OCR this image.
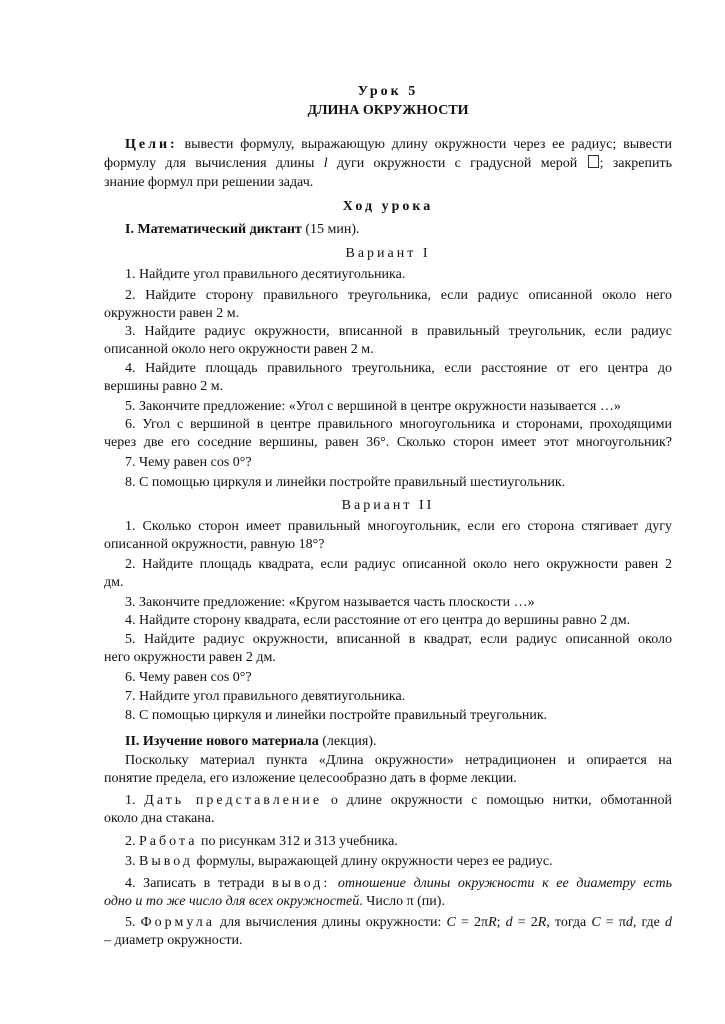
Урок 5

ДЛИНА ОКРУЖНОСТИ

Цели: вывести формулу, выражающую длину окружности через ее радиус; вывести

формулу для вычисления длины l дуги окружности с градусной мерой ; закрепить

знание формул при решении задач.

Ход урока

I. Математический диктант (15 мин).

Вариант I

1. Найдите угол правильного десятиугольника.

2. Найдите сторону правильного треугольника, если радиус описанной около него

окружности равен 2 м.

3. Найдите радиус окружности, вписанной в правильный треугольник, если радиус

описанной около него окружности равен 2 м.

4. Найдите площадь правильного треугольника, если расстояние от его центра до

вершины равно 2 м.

5. Закончите предложение: «Угол с вершиной в центре окружности называется …»

6. Угол с вершиной в центре правильного многоугольника и сторонами, проходящими

через две его соседние вершины, равен 36°. Сколько сторон имеет этот многоугольник?

7. Чему равен cos 0°?

8. С помощью циркуля и линейки постройте правильный шестиугольник.

Вариант II

1. Сколько сторон имеет правильный многоугольник, если его сторона стягивает дугу

описанной окружности, равную 18°?

2. Найдите площадь квадрата, если радиус описанной около него окружности равен 2

дм.

3. Закончите предложение: «Кругом называется часть плоскости …»

4. Найдите сторону квадрата, если расстояние от его центра до вершины равно 2 дм.

5. Найдите радиус окружности, вписанной в квадрат, если радиус описанной около

него окружности равен 2 дм.

6. Чему равен cos 0°?

7. Найдите угол правильного девятиугольника.

8. С помощью циркуля и линейки постройте правильный треугольник.

II. Изучение нового материала (лекция).

Поскольку материал пункта «Длина окружности» нетрадиционен и опирается на

понятие предела, его изложение целесообразно дать в форме лекции.

1. Дать представление о длине окружности с помощью нитки, обмотанной

около дна стакана.

2. Работа по рисункам 312 и 313 учебника.

3. Вывод формулы, выражающей длину окружности через ее радиус.

4. Записать в тетради вывод: отношение длины окружности к ее диаметру есть

одно и то же число для всех окружностей. Число π (пи).

5. Формула для вычисления длины окружности: C = 2πR; d = 2R, тогда C = πd, где d

– диаметр окружности.
